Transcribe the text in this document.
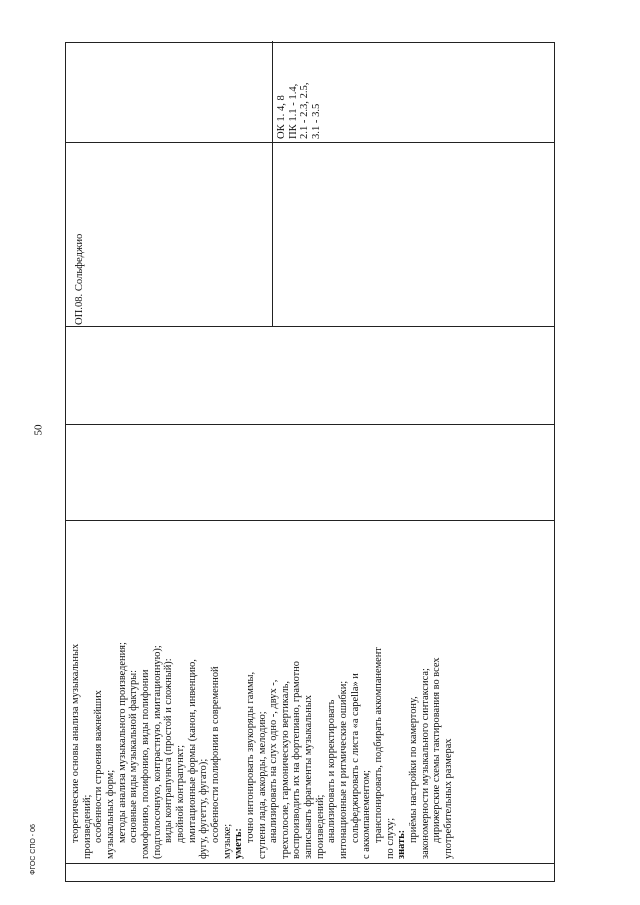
50
теоретические основы анализа музыкальных произведений; особенности строения важнейших музыкальных форм; методы анализа музыкального произведения; основные виды музыкальной фактуры: гомофонию, полифонию, виды полифонии (подголосочную, контрастную, имитационную); виды контрапункта (простой и сложный): двойной контрапункт; имитационные формы (канон, инвенцию, фугу, фугетту, фугато); особенности полифонии в современной музыке; уметь:
точно интонировать звукоряды гаммы, ступени лада, аккорды, мелодию; анализировать на слух одно -, двух -, трехголосие, гармоническую вертикаль, воспроизводить их на фортепиано, грамотно записывать фрагменты музыкальных произведений; анализировать и корректировать интонационные и ритмические ошибки; сольфеджировать с листа «а capella» и с аккомпанементом; транспонировать, подбирать аккомпанемент по слуху; знать:
приёмы настройки по камертону, закономерности музыкального синтаксиса; дирижерские схемы тактирования во всех употребительных размерах
ОП.08. Сольфеджио
ОК 1. 4, 8 ПК 1.1 - 1.4, 2.1 - 2.3, 2.5, 3.1 - 3.5
ФГОС СПО - 06
